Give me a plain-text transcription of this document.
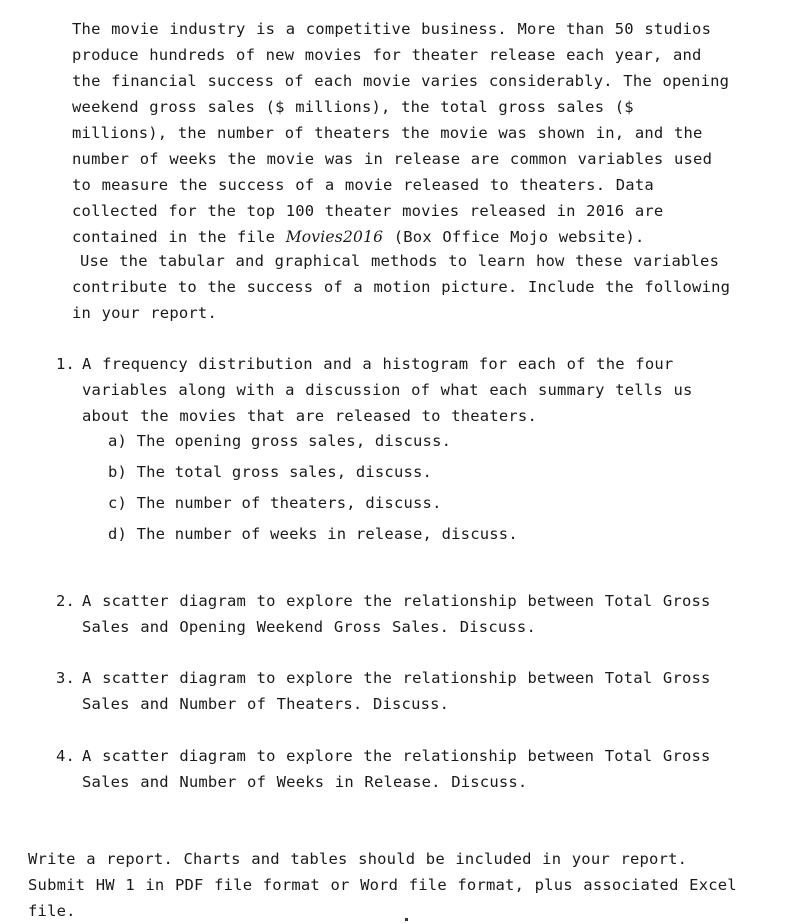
The movie industry is a competitive business. More than 50 studios produce hundreds of new movies for theater release each year, and the financial success of each movie varies considerably. The opening weekend gross sales ($ millions), the total gross sales ($ millions), the number of theaters the movie was shown in, and the number of weeks the movie was in release are common variables used to measure the success of a movie released to theaters. Data collected for the top 100 theater movies released in 2016 are contained in the file Movies2016 (Box Office Mojo website).
Use the tabular and graphical methods to learn how these variables contribute to the success of a motion picture. Include the following in your report.
1. A frequency distribution and a histogram for each of the four variables along with a discussion of what each summary tells us about the movies that are released to theaters.
a) The opening gross sales, discuss.
b) The total gross sales, discuss.
c) The number of theaters, discuss.
d) The number of weeks in release, discuss.
2. A scatter diagram to explore the relationship between Total Gross Sales and Opening Weekend Gross Sales. Discuss.
3. A scatter diagram to explore the relationship between Total Gross Sales and Number of Theaters. Discuss.
4. A scatter diagram to explore the relationship between Total Gross Sales and Number of Weeks in Release. Discuss.
Write a report. Charts and tables should be included in your report. Submit HW 1 in PDF file format or Word file format, plus associated Excel file.
